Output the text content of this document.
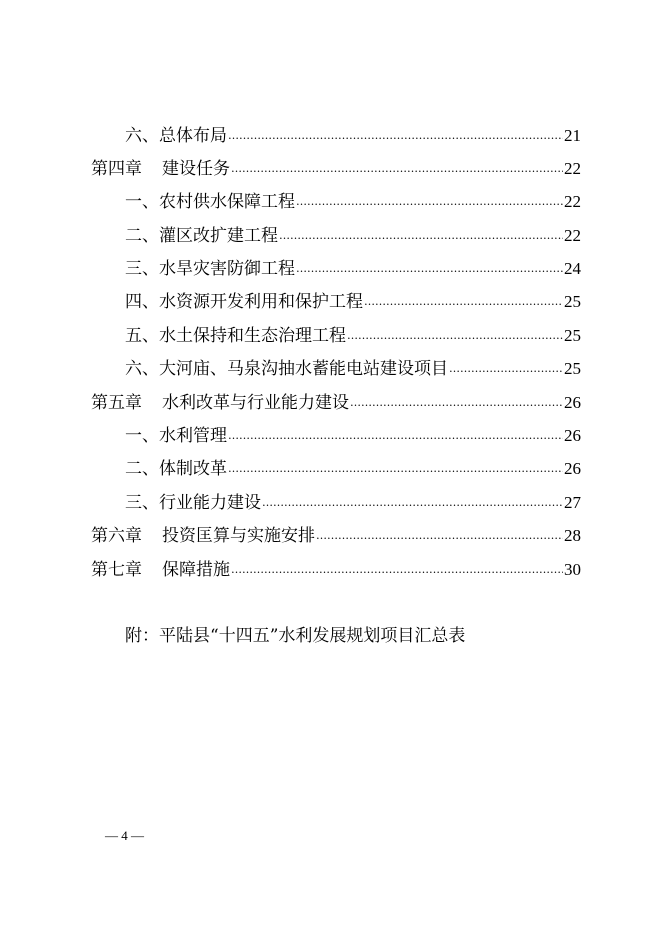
六、总体布局 …………………………………………………………………………………………………………………………………………………………	21
第四章 建设任务 …………………………………………………………………………………………………………………………………………………………	22
一、农村供水保障工程 …………………………………………………………………………………………………………………………………………………………	22
二、灌区改扩建工程 …………………………………………………………………………………………………………………………………………………………	22
三、水旱灾害防御工程 …………………………………………………………………………………………………………………………………………………………	24
四、水资源开发利用和保护工程 …………………………………………………………………………………………………………………………………………………………	25
五、水土保持和生态治理工程 …………………………………………………………………………………………………………………………………………………………	25
六、大河庙、马泉沟抽水蓄能电站建设项目 …………………………………………………………………………………………………………………………………………………………	25
第五章 水利改革与行业能力建设 …………………………………………………………………………………………………………………………………………………………	26
一、水利管理 …………………………………………………………………………………………………………………………………………………………	26
二、体制改革 …………………………………………………………………………………………………………………………………………………………	26
三、行业能力建设 …………………………………………………………………………………………………………………………………………………………	27
第六章 投资匡算与实施安排 …………………………………………………………………………………………………………………………………………………………	28
第七章 保障措施 …………………………………………………………………………………………………………………………………………………………	30
附：平陆县“十四五”水利发展规划项目汇总表
— 4 —
